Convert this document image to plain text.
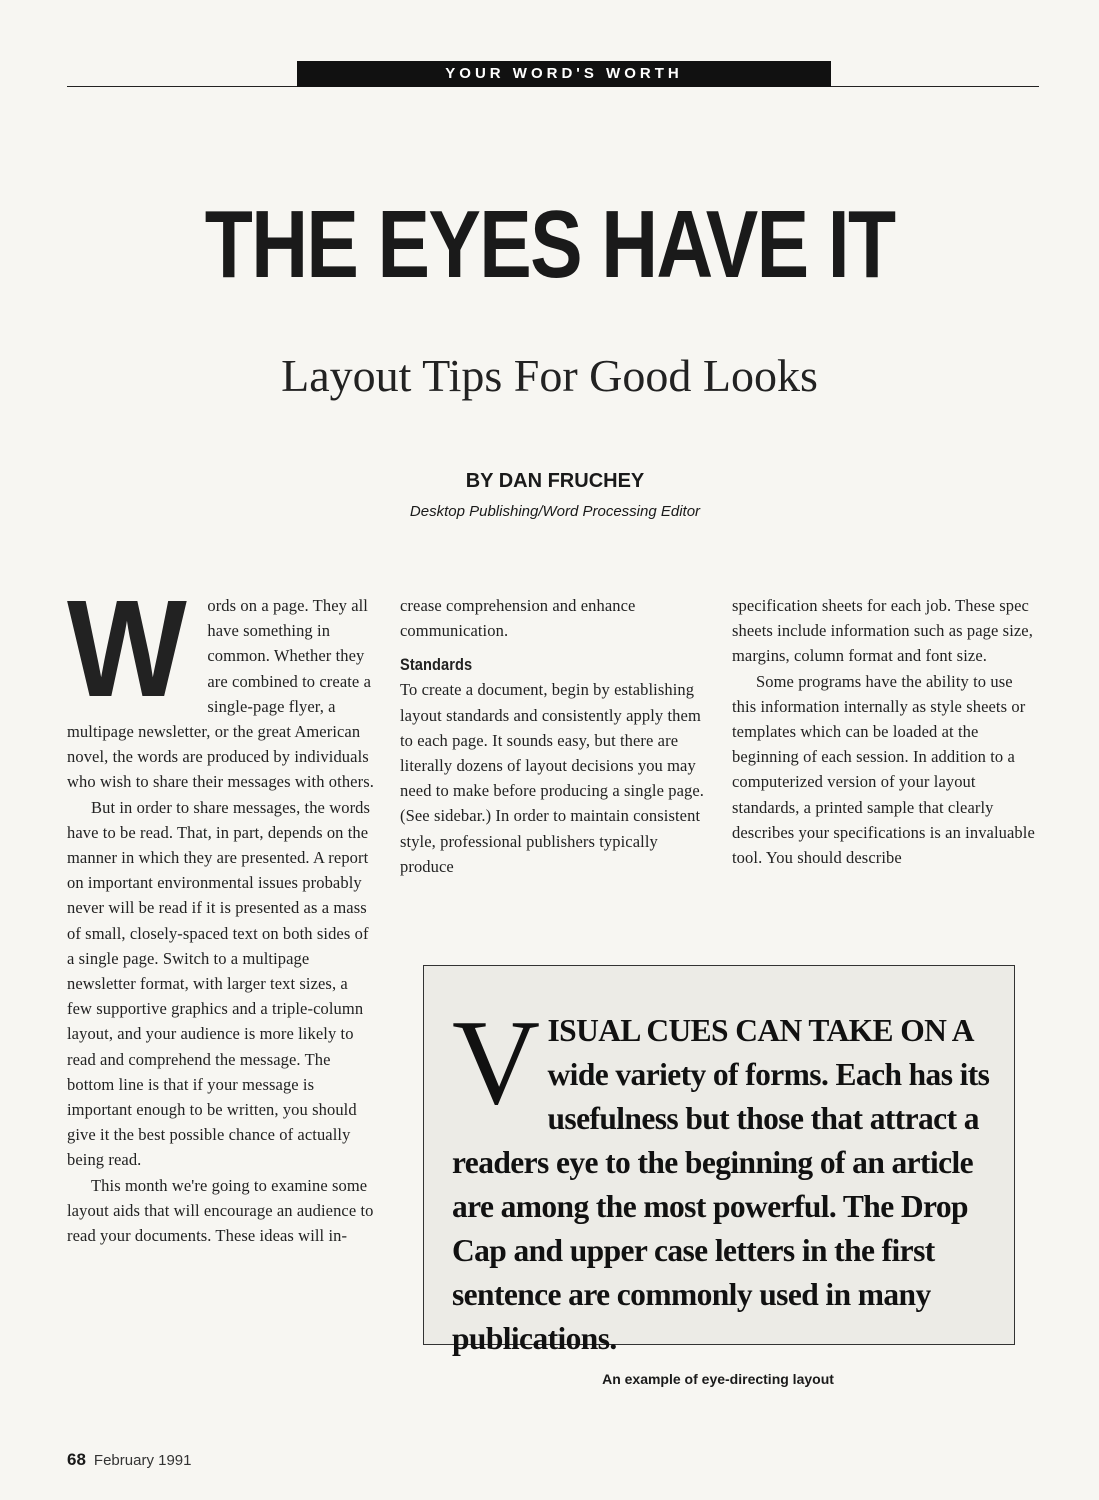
YOUR WORD'S WORTH
THE EYES HAVE IT
Layout Tips For Good Looks
BY DAN FRUCHEY
Desktop Publishing/Word Processing Editor

W ords on a page. They all have something in common. Whether they are combined to create a single-page flyer, a multipage newsletter, or the great American novel, the words are produced by individuals who wish to share their messages with others.

But in order to share messages, the words have to be read. That, in part, depends on the manner in which they are presented. A report on important environmental issues probably never will be read if it is presented as a mass of small, closely-spaced text on both sides of a single page. Switch to a multipage newsletter format, with larger text sizes, a few supportive graphics and a triple-column layout, and your audience is more likely to read and comprehend the message. The bottom line is that if your message is important enough to be written, you should give it the best possible chance of actually being read.

This month we're going to examine some layout aids that will encourage an audience to read your documents. These ideas will in-

crease comprehension and enhance communication.

Standards

To create a document, begin by establishing layout standards and consistently apply them to each page. It sounds easy, but there are literally dozens of layout decisions you may need to make before producing a single page. (See sidebar.) In order to maintain consistent style, professional publishers typically produce

specification sheets for each job. These spec sheets include information such as page size, margins, column format and font size.

Some programs have the ability to use this information internally as style sheets or templates which can be loaded at the beginning of each session. In addition to a computerized version of your layout standards, a printed sample that clearly describes your specifications is an invaluable tool. You should describe

VISUAL CUES CAN TAKE ON A wide variety of forms. Each has its usefulness but those that attract a readers eye to the beginning of an article are among the most powerful. The Drop Cap and upper case letters in the first sentence are commonly used in many publications.
An example of eye-directing layout
68 February 1991
